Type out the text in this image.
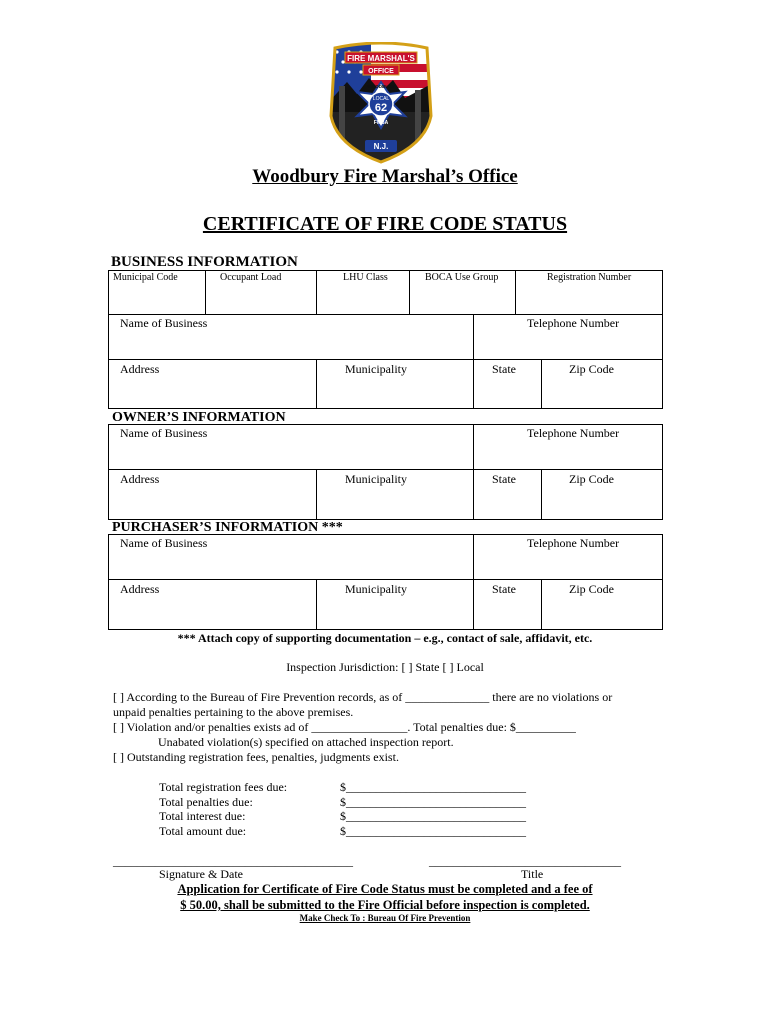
FIRE MARSHAL'S
OFFICE
WOODBURY
LOCAL
62
FMBA
N.J.
Woodbury Fire Marshal’s Office
CERTIFICATE OF FIRE CODE STATUS
BUSINESS INFORMATION
Municipal Code	Occupant Load	LHU Class	BOCA Use Group	Registration Number
Name of Business	Telephone Number
Address	Municipality	State	Zip Code
OWNER’S INFORMATION
Name of Business	Telephone Number
Address	Municipality	State	Zip Code
PURCHASER’S INFORMATION ***
Name of Business	Telephone Number
Address	Municipality	State	Zip Code
*** Attach copy of supporting documentation – e.g., contact of sale, affidavit, etc.
Inspection Jurisdiction: [ ] State [ ] Local
[ ] According to the Bureau of Fire Prevention records, as of ______________ there are no violations or
unpaid penalties pertaining to the above premises.
[ ] Violation and/or penalties exists ad of ________________. Total penalties due: $__________
Unabated violation(s) specified on attached inspection report.
[ ] Outstanding registration fees, penalties, judgments exist.
Total registration fees due:	$______________________________
Total penalties due:	$______________________________
Total interest due:	$______________________________
Total amount due:	$______________________________
________________________________________	________________________________
Signature & Date	Title
Application for Certificate of Fire Code Status must be completed and a fee of
$ 50.00, shall be submitted to the Fire Official before inspection is completed.
Make Check To : Bureau Of Fire Prevention
